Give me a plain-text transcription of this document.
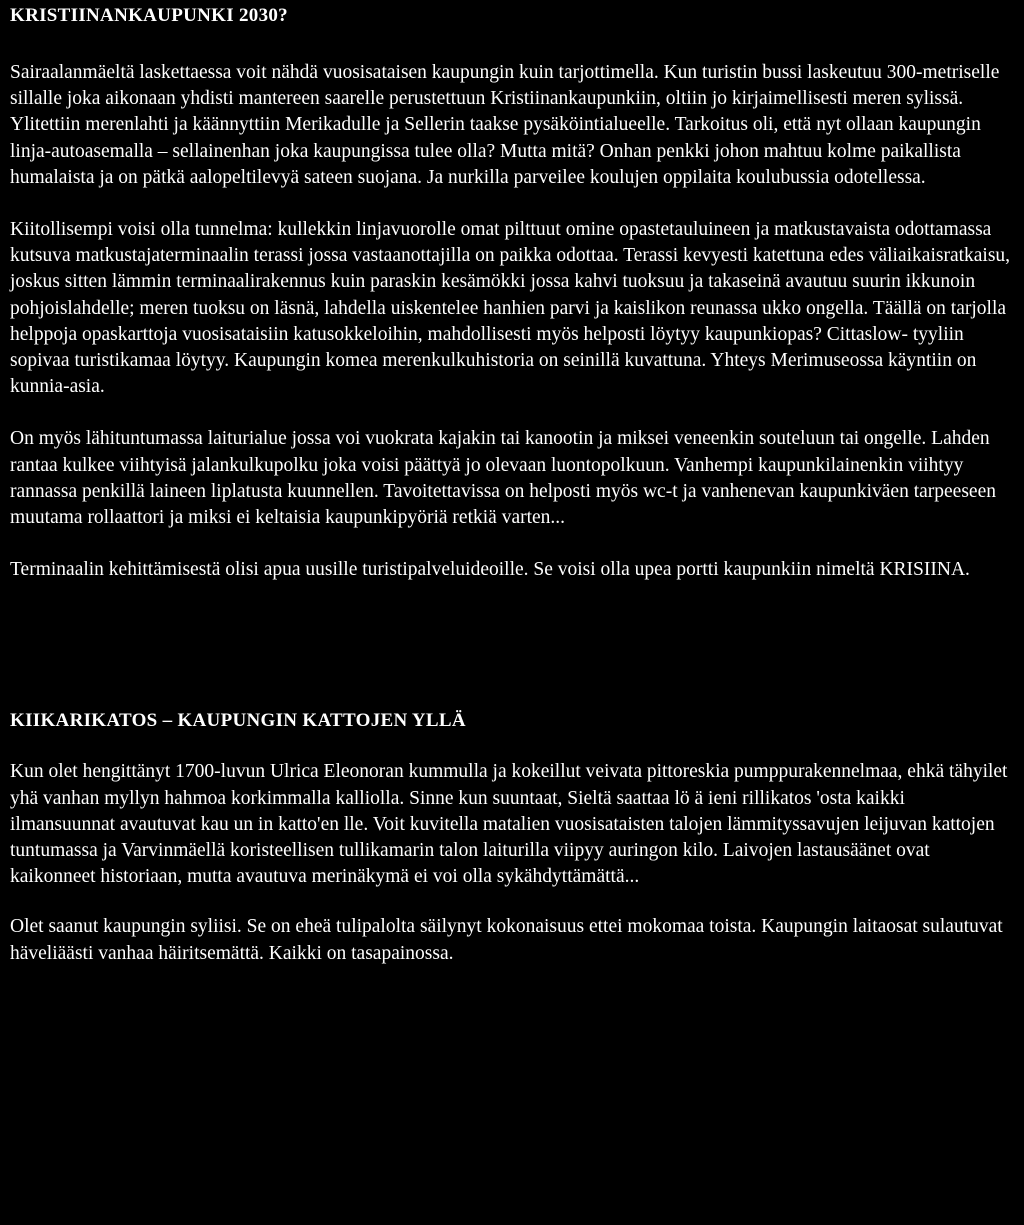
KRISTIINANKAUPUNKI 2030?

Sairaalanmäeltä laskettaessa voit nähdä vuosisataisen kaupungin kuin tarjottimella. Kun turistin bussi laskeutuu 300-metriselle sillalle joka aikonaan yhdisti mantereen saarelle perustettuun Kristiinankaupunkiin, oltiin jo kirjaimellisesti meren sylissä. Ylitettiin merenlahti ja käännyttiin Merikadulle ja Sellerin taakse pysäköintialueelle. Tarkoitus oli, että nyt ollaan kaupungin linja-autoasemalla – sellainenhan joka kaupungissa tulee olla? Mutta mitä? Onhan penkki johon mahtuu kolme paikallista humalaista ja on pätkä aalopeltilevyä sateen suojana. Ja nurkilla parveilee koulujen oppilaita koulubussia odotellessa.

Kiitollisempi voisi olla tunnelma: kullekkin linjavuorolle omat pilttuut omine opastetauluineen ja matkustavaista odottamassa kutsuva matkustajaterminaalin terassi jossa vastaanottajilla on paikka odottaa. Terassi kevyesti katettuna edes väliaikaisratkaisu, joskus sitten lämmin terminaalirakennus kuin paraskin kesämökki jossa kahvi tuoksuu ja takaseinä avautuu suurin ikkunoin pohjoislahdelle; meren tuoksu on läsnä, lahdella uiskentelee hanhien parvi ja kaislikon reunassa ukko ongella. Täällä on tarjolla helppoja opaskarttoja vuosisataisiin katusokkeloihin, mahdollisesti myös helposti löytyy kaupunkiopas? Cittaslow- tyyliin sopivaa turistikamaa löytyy. Kaupungin komea merenkulkuhistoria on seinillä kuvattuna. Yhteys Merimuseossa käyntiin on kunnia-asia.

On myös lähituntumassa laiturialue jossa voi vuokrata kajakin tai kanootin ja miksei veneenkin souteluun tai ongelle. Lahden rantaa kulkee viihtyisä jalankulkupolku joka voisi päättyä jo olevaan luontopolkuun. Vanhempi kaupunkilainenkin viihtyy rannassa penkillä laineen liplatusta kuunnellen. Tavoitettavissa on helposti myös wc-t ja vanhenevan kaupunkiväen tarpeeseen muutama rollaattori ja miksi ei keltaisia kaupunkipyöriä retkiä varten...

Terminaalin kehittämisestä olisi apua uusille turistipalveluideoille. Se voisi olla upea portti kaupunkiin nimeltä KRISIINA.

KIIKARIKATOS – KAUPUNGIN KATTOJEN YLLÄ

Kun olet hengittänyt 1700-luvun Ulrica Eleonoran kummulla ja kokeillut veivata pittoreskia pumppurakennelmaa, ehkä tähyilet yhä vanhan myllyn hahmoa korkimmalla kalliolla. Sinne kun suuntaat, Sieltä saattaa lö ä ieni rillikatos 'osta kaikki ilmansuunnat avautuvat kau un in katto'en lle. Voit kuvitella matalien vuosisataisten talojen lämmityssavujen leijuvan kattojen tuntumassa ja Varvinmäellä koristeellisen tullikamarin talon laiturilla viipyy auringon kilo. Laivojen lastausäänet ovat kaikonneet historiaan, mutta avautuva merinäkymä ei voi olla sykähdyttämättä...

Olet saanut kaupungin syliisi. Se on eheä tulipalolta säilynyt kokonaisuus ettei mokomaa toista. Kaupungin laitaosat sulautuvat häveliäästi vanhaa häiritsemättä. Kaikki on tasapainossa.
